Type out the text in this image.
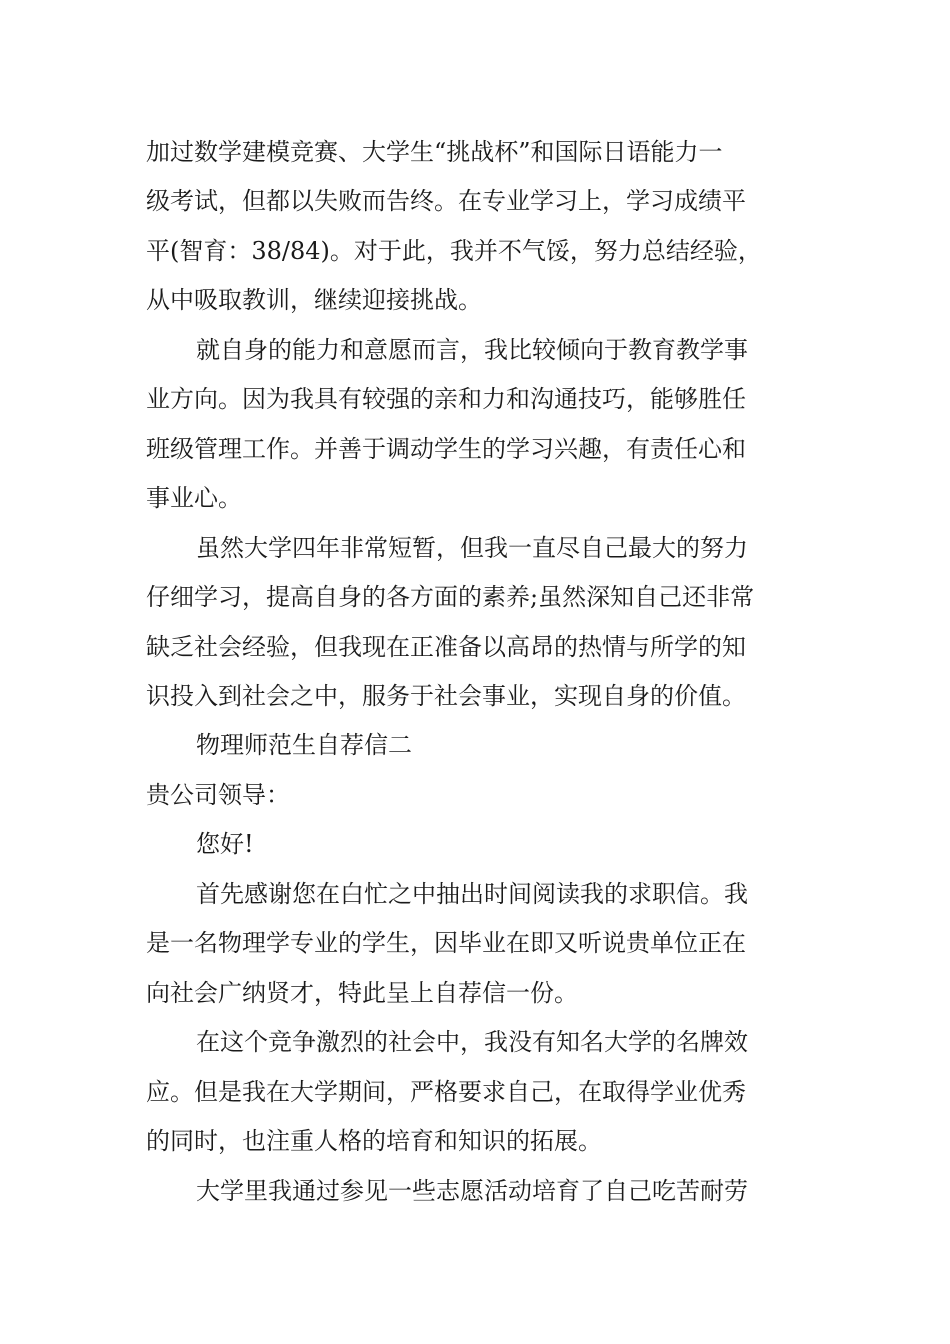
加过数学建模竞赛、大学生“挑战杯”和国际日语能力一
级考试，但都以失败而告终。在专业学习上，学习成绩平
平(智育：38/84)。对于此，我并不气馁，努力总结经验，
从中吸取教训，继续迎接挑战。
就自身的能力和意愿而言，我比较倾向于教育教学事
业方向。因为我具有较强的亲和力和沟通技巧，能够胜任
班级管理工作。并善于调动学生的学习兴趣，有责任心和
事业心。
虽然大学四年非常短暂，但我一直尽自己最大的努力
仔细学习，提高自身的各方面的素养;虽然深知自己还非常
缺乏社会经验，但我现在正准备以高昂的热情与所学的知
识投入到社会之中，服务于社会事业，实现自身的价值。
物理师范生自荐信二
贵公司领导：
您好!
首先感谢您在白忙之中抽出时间阅读我的求职信。我
是一名物理学专业的学生，因毕业在即又听说贵单位正在
向社会广纳贤才，特此呈上自荐信一份。
在这个竞争激烈的社会中，我没有知名大学的名牌效
应。但是我在大学期间，严格要求自己，在取得学业优秀
的同时，也注重人格的培育和知识的拓展。
大学里我通过参见一些志愿活动培育了自己吃苦耐劳
